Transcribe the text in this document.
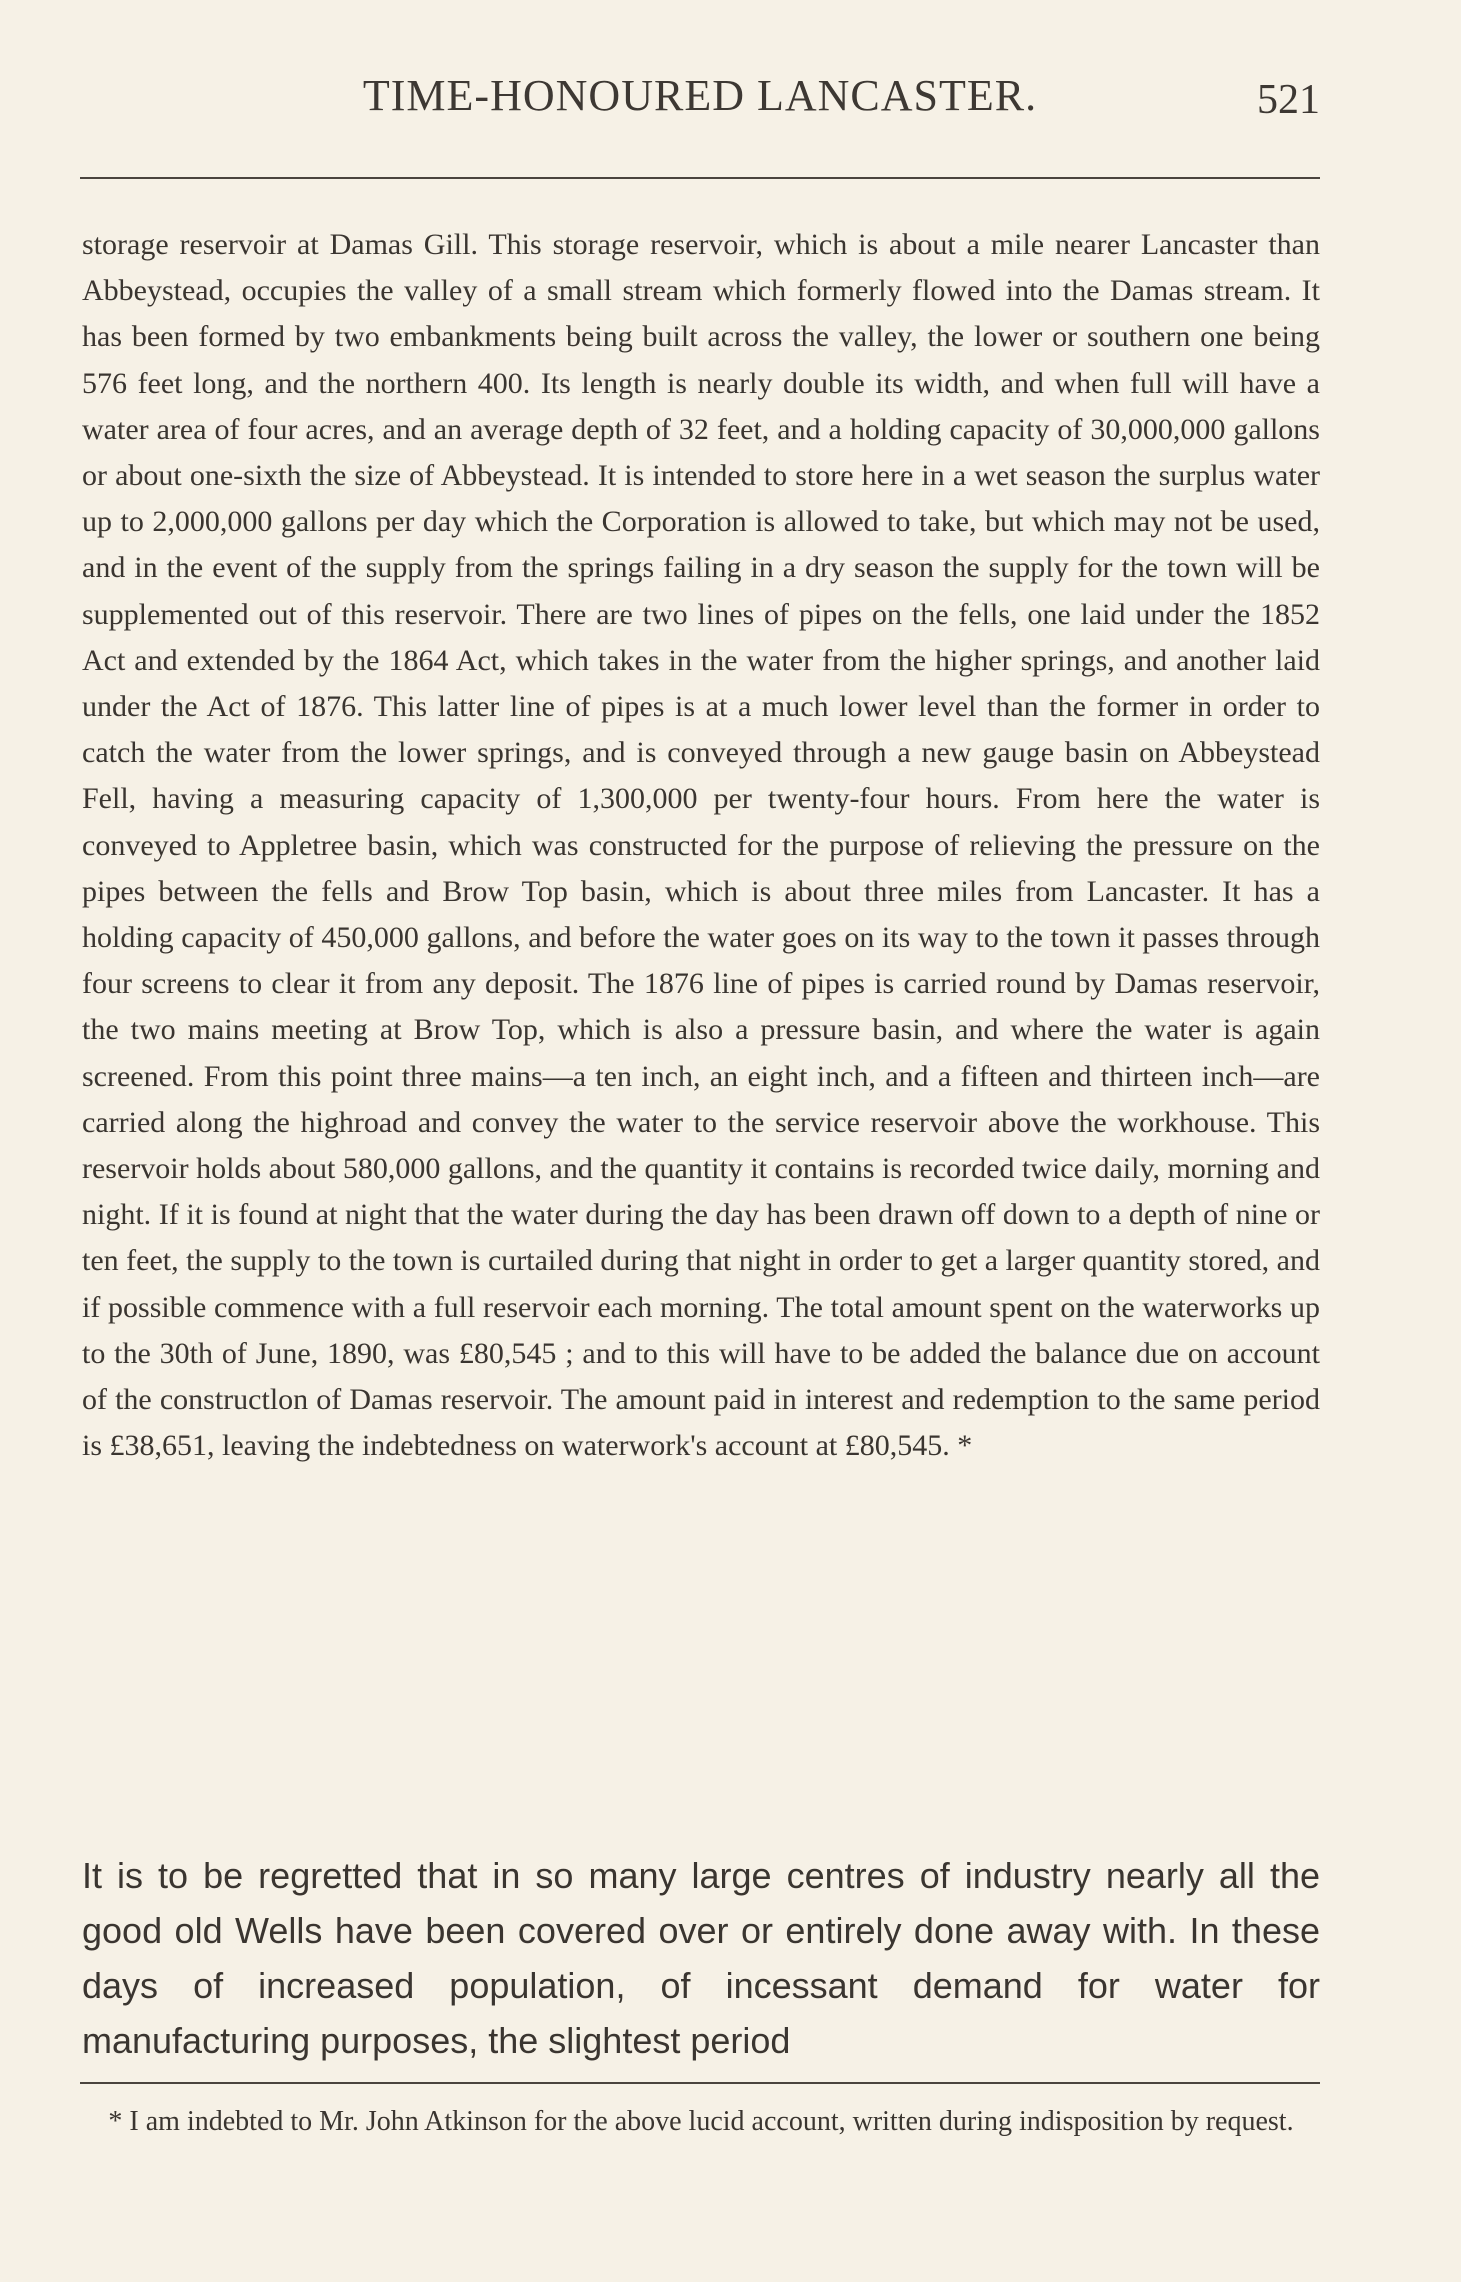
TIME-HONOURED LANCASTER.	521

storage reservoir at Damas Gill. This storage reservoir, which is about a mile nearer Lancaster than Abbeystead, occupies the valley of a small stream which formerly flowed into the Damas stream. It has been formed by two embankments being built across the valley, the lower or southern one being 576 feet long, and the northern 400. Its length is nearly double its width, and when full will have a water area of four acres, and an average depth of 32 feet, and a holding capacity of 30,000,000 gallons or about one-sixth the size of Abbeystead. It is intended to store here in a wet season the surplus water up to 2,000,000 gallons per day which the Corporation is allowed to take, but which may not be used, and in the event of the supply from the springs failing in a dry season the supply for the town will be supplemented out of this reservoir. There are two lines of pipes on the fells, one laid under the 1852 Act and extended by the 1864 Act, which takes in the water from the higher springs, and another laid under the Act of 1876. This latter line of pipes is at a much lower level than the former in order to catch the water from the lower springs, and is conveyed through a new gauge basin on Abbeystead Fell, having a measuring capacity of 1,300,000 per twenty-four hours. From here the water is conveyed to Appletree basin, which was constructed for the purpose of relieving the pressure on the pipes between the fells and Brow Top basin, which is about three miles from Lancaster. It has a holding capacity of 450,000 gallons, and before the water goes on its way to the town it passes through four screens to clear it from any deposit. The 1876 line of pipes is carried round by Damas reservoir, the two mains meeting at Brow Top, which is also a pressure basin, and where the water is again screened. From this point three mains—a ten inch, an eight inch, and a fifteen and thirteen inch—are carried along the highroad and convey the water to the service reservoir above the workhouse. This reservoir holds about 580,000 gallons, and the quantity it contains is recorded twice daily, morning and night. If it is found at night that the water during the day has been drawn off down to a depth of nine or ten feet, the supply to the town is curtailed during that night in order to get a larger quantity stored, and if possible commence with a full reservoir each morning. The total amount spent on the waterworks up to the 30th of June, 1890, was £80,545 ; and to this will have to be added the balance due on account of the constructlon of Damas reservoir. The amount paid in interest and redemption to the same period is £38,651, leaving the indebtedness on waterwork's account at £80,545. *

It is to be regretted that in so many large centres of industry nearly all the good old Wells have been covered over or entirely done away with. In these days of increased population, of incessant demand for water for manufacturing purposes, the slightest period

* I am indebted to Mr. John Atkinson for the above lucid account, written during indisposition by request.
